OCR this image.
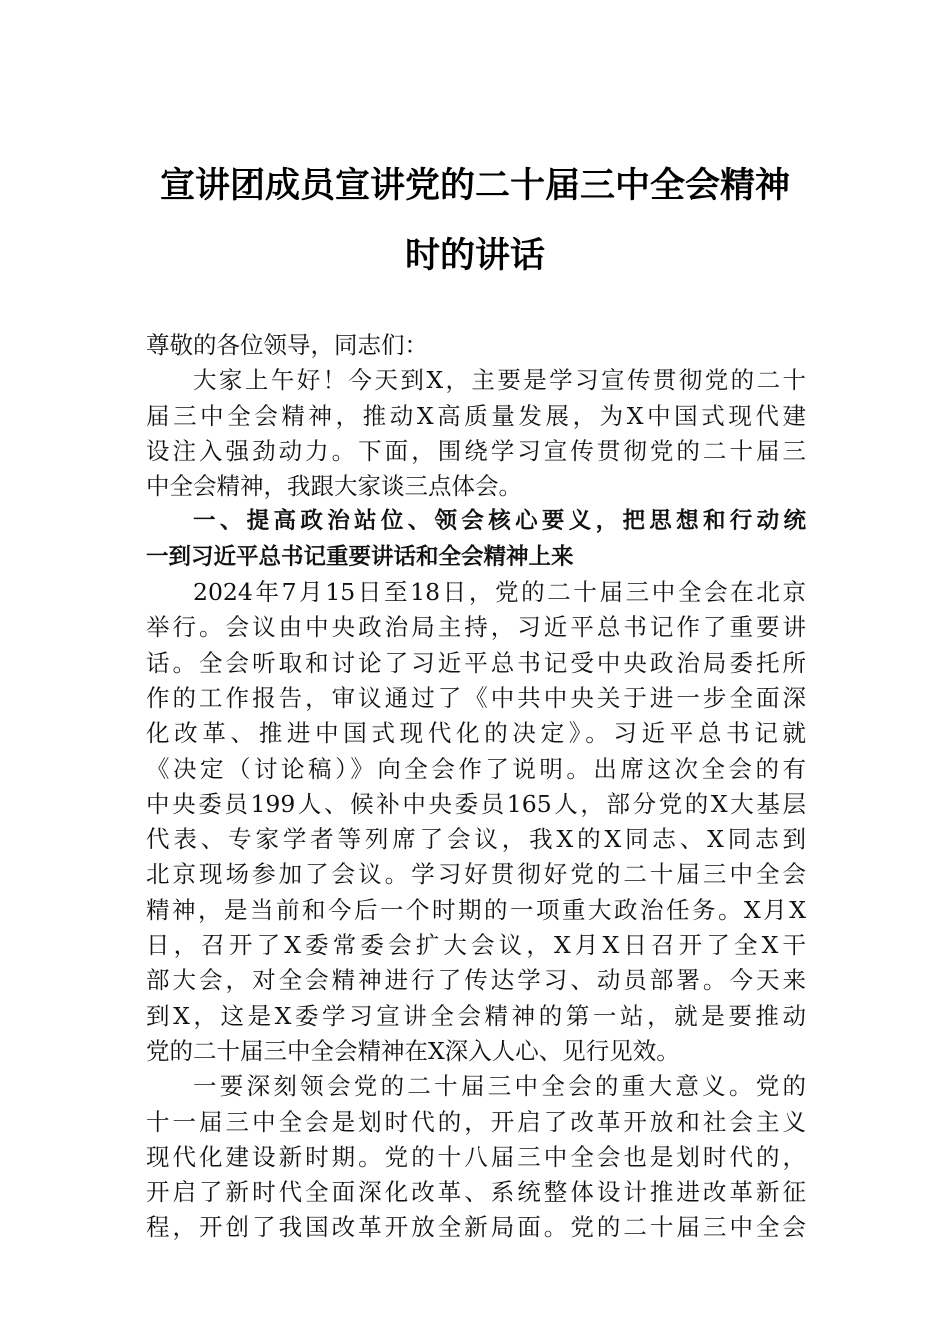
宣讲团成员宣讲党的二十届三中全会精神
时的讲话
尊敬的各位领导，同志们：
大家上午好！今天到X，主要是学习宣传贯彻党的二十
届三中全会精神，推动X高质量发展，为X中国式现代建
设注入强劲动力。下面，围绕学习宣传贯彻党的二十届三
中全会精神，我跟大家谈三点体会。
一、提高政治站位、领会核心要义，把思想和行动统
一到习近平总书记重要讲话和全会精神上来
2024年7月15日至18日，党的二十届三中全会在北京
举行。会议由中央政治局主持，习近平总书记作了重要讲
话。全会听取和讨论了习近平总书记受中央政治局委托所
作的工作报告，审议通过了《中共中央关于进一步全面深
化改革、推进中国式现代化的决定》。习近平总书记就
《决定（讨论稿）》向全会作了说明。出席这次全会的有
中央委员199人、候补中央委员165人，部分党的X大基层
代表、专家学者等列席了会议，我X的X同志、X同志到
北京现场参加了会议。学习好贯彻好党的二十届三中全会
精神，是当前和今后一个时期的一项重大政治任务。X月X
日，召开了X委常委会扩大会议，X月X日召开了全X干
部大会，对全会精神进行了传达学习、动员部署。今天来
到X，这是X委学习宣讲全会精神的第一站，就是要推动
党的二十届三中全会精神在X深入人心、见行见效。
一要深刻领会党的二十届三中全会的重大意义。党的
十一届三中全会是划时代的，开启了改革开放和社会主义
现代化建设新时期。党的十八届三中全会也是划时代的，
开启了新时代全面深化改革、系统整体设计推进改革新征
程，开创了我国改革开放全新局面。党的二十届三中全会
